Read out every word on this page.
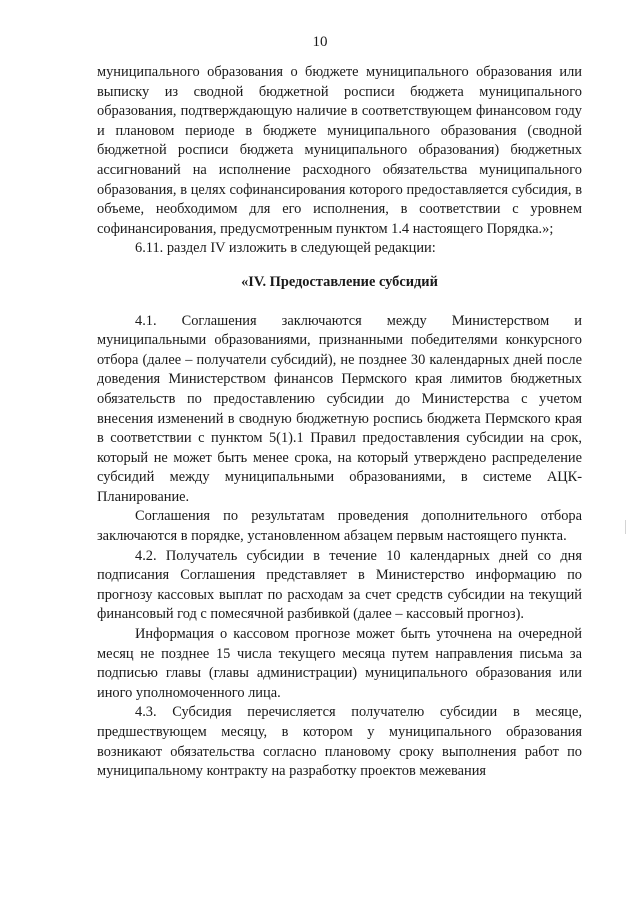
10

муниципального образования о бюджете муниципального образования или выписку из сводной бюджетной росписи бюджета муниципального образования, подтверждающую наличие в соответствующем финансовом году и плановом периоде в бюджете муниципального образования (сводной бюджетной росписи бюджета муниципального образования) бюджетных ассигнований на исполнение расходного обязательства муниципального образования, в целях софинансирования которого предоставляется субсидия, в объеме, необходимом для его исполнения, в соответствии с уровнем софинансирования, предусмотренным пунктом 1.4 настоящего Порядка.»;

6.11. раздел IV изложить в следующей редакции:

«IV. Предоставление субсидий

4.1. Соглашения заключаются между Министерством и муниципальными образованиями, признанными победителями конкурсного отбора (далее – получатели субсидий), не позднее 30 календарных дней после доведения Министерством финансов Пермского края лимитов бюджетных обязательств по предоставлению субсидии до Министерства с учетом внесения изменений в сводную бюджетную роспись бюджета Пермского края в соответствии с пунктом 5(1).1 Правил предоставления субсидии на срок, который не может быть менее срока, на который утверждено распределение субсидий между муниципальными образованиями, в системе АЦК-Планирование.

Соглашения по результатам проведения дополнительного отбора заключаются в порядке, установленном абзацем первым настоящего пункта.

4.2. Получатель субсидии в течение 10 календарных дней со дня подписания Соглашения представляет в Министерство информацию по прогнозу кассовых выплат по расходам за счет средств субсидии на текущий финансовый год с помесячной разбивкой (далее – кассовый прогноз).

Информация о кассовом прогнозе может быть уточнена на очередной месяц не позднее 15 числа текущего месяца путем направления письма за подписью главы (главы администрации) муниципального образования или иного уполномоченного лица.

4.3. Субсидия перечисляется получателю субсидии в месяце, предшествующем месяцу, в котором у муниципального образования возникают обязательства согласно плановому сроку выполнения работ по муниципальному контракту на разработку проектов межевания
